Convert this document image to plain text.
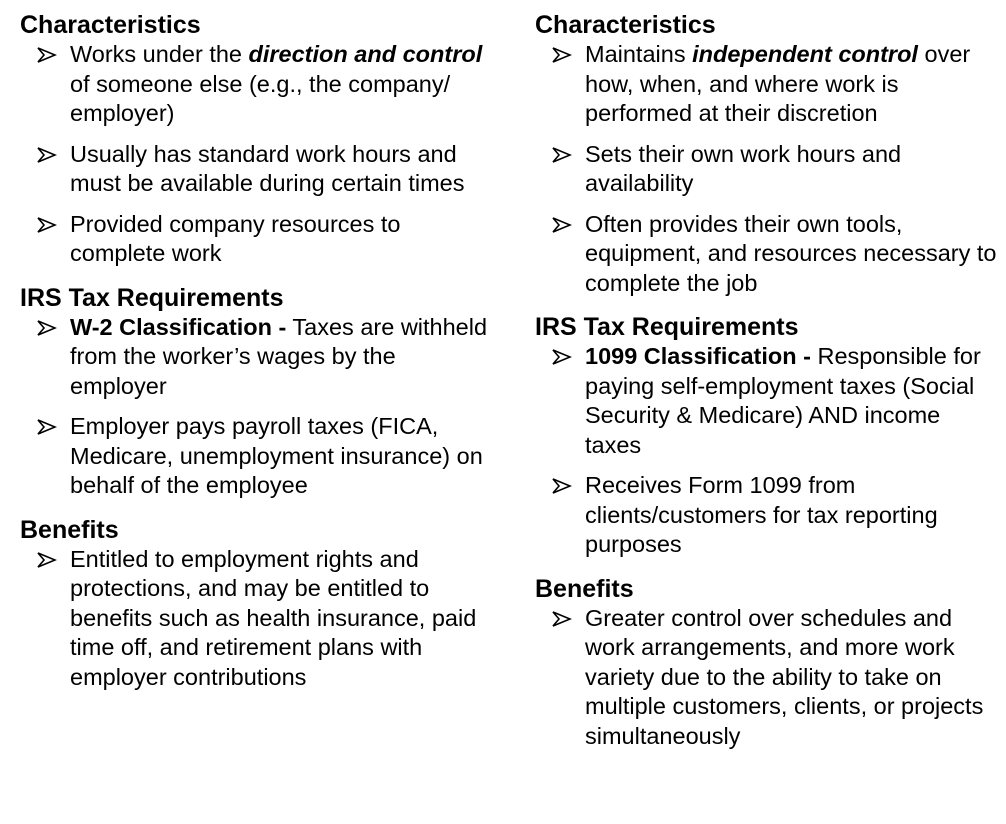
Characteristics
Works under the direction and control of someone else (e.g., the company/ employer)
Usually has standard work hours and must be available during certain times
Provided company resources to complete work
IRS Tax Requirements
W-2 Classification - Taxes are withheld from the worker’s wages by the employer
Employer pays payroll taxes (FICA, Medicare, unemployment insurance) on behalf of the employee
Benefits
Entitled to employment rights and protections, and may be entitled to benefits such as health insurance, paid time off, and retirement plans with employer contributions
Characteristics
Maintains independent control over how, when, and where work is performed at their discretion
Sets their own work hours and availability
Often provides their own tools, equipment, and resources necessary to complete the job
IRS Tax Requirements
1099 Classification - Responsible for paying self-employment taxes (Social Security & Medicare) AND income taxes
Receives Form 1099 from clients/customers for tax reporting purposes
Benefits
Greater control over schedules and work arrangements, and more work variety due to the ability to take on multiple customers, clients, or projects simultaneously
